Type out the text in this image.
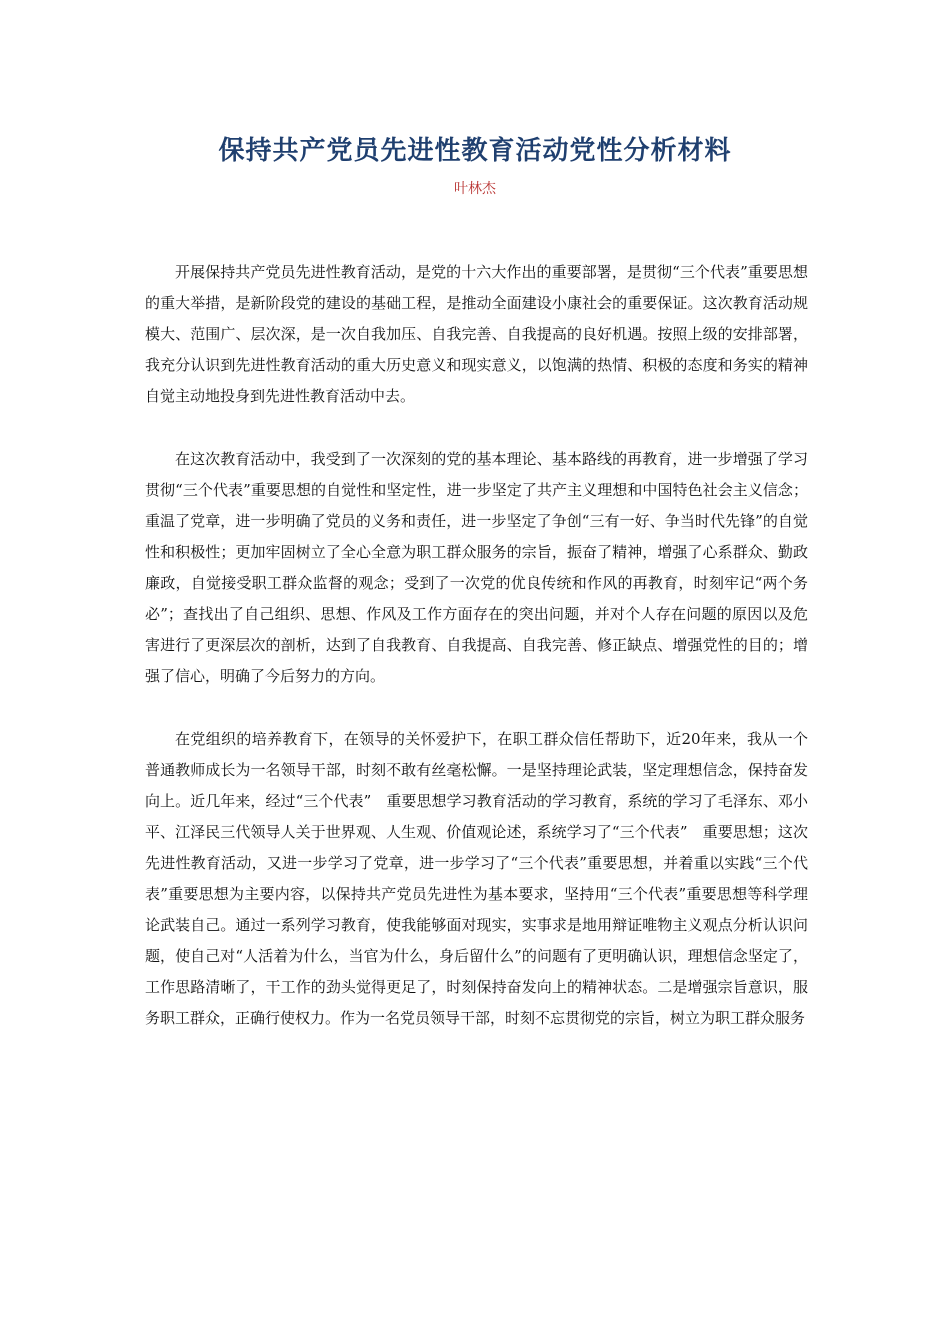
保持共产党员先进性教育活动党性分析材料
叶林杰

开展保持共产党员先进性教育活动，是党的十六大作出的重要部署，是贯彻“三个代表”重要思想的重大举措，是新阶段党的建设的基础工程，是推动全面建设小康社会的重要保证。这次教育活动规模大、范围广、层次深，是一次自我加压、自我完善、自我提高的良好机遇。按照上级的安排部署，我充分认识到先进性教育活动的重大历史意义和现实意义，以饱满的热情、积极的态度和务实的精神自觉主动地投身到先进性教育活动中去。

在这次教育活动中，我受到了一次深刻的党的基本理论、基本路线的再教育，进一步增强了学习贯彻“三个代表”重要思想的自觉性和坚定性，进一步坚定了共产主义理想和中国特色社会主义信念；重温了党章，进一步明确了党员的义务和责任，进一步坚定了争创“三有一好、争当时代先锋”的自觉性和积极性；更加牢固树立了全心全意为职工群众服务的宗旨，振奋了精神，增强了心系群众、勤政廉政，自觉接受职工群众监督的观念；受到了一次党的优良传统和作风的再教育，时刻牢记“两个务必”；查找出了自己组织、思想、作风及工作方面存在的突出问题，并对个人存在问题的原因以及危害进行了更深层次的剖析，达到了自我教育、自我提高、自我完善、修正缺点、增强党性的目的；增强了信心，明确了今后努力的方向。

在党组织的培养教育下，在领导的关怀爱护下，在职工群众信任帮助下，近20年来，我从一个普通教师成长为一名领导干部，时刻不敢有丝毫松懈。一是坚持理论武装，坚定理想信念，保持奋发向上。近几年来，经过“三个代表”　重要思想学习教育活动的学习教育，系统的学习了毛泽东、邓小平、江泽民三代领导人关于世界观、人生观、价值观论述，系统学习了“三个代表”　重要思想；这次先进性教育活动，又进一步学习了党章，进一步学习了“三个代表”重要思想，并着重以实践“三个代表”重要思想为主要内容，以保持共产党员先进性为基本要求，坚持用“三个代表”重要思想等科学理论武装自己。通过一系列学习教育，使我能够面对现实，实事求是地用辩证唯物主义观点分析认识问题，使自己对“人活着为什么，当官为什么，身后留什么”的问题有了更明确认识，理想信念坚定了，工作思路清晰了，干工作的劲头觉得更足了，时刻保持奋发向上的精神状态。二是增强宗旨意识，服务职工群众，正确行使权力。作为一名党员领导干部，时刻不忘贯彻党的宗旨，树立为职工群众服务
